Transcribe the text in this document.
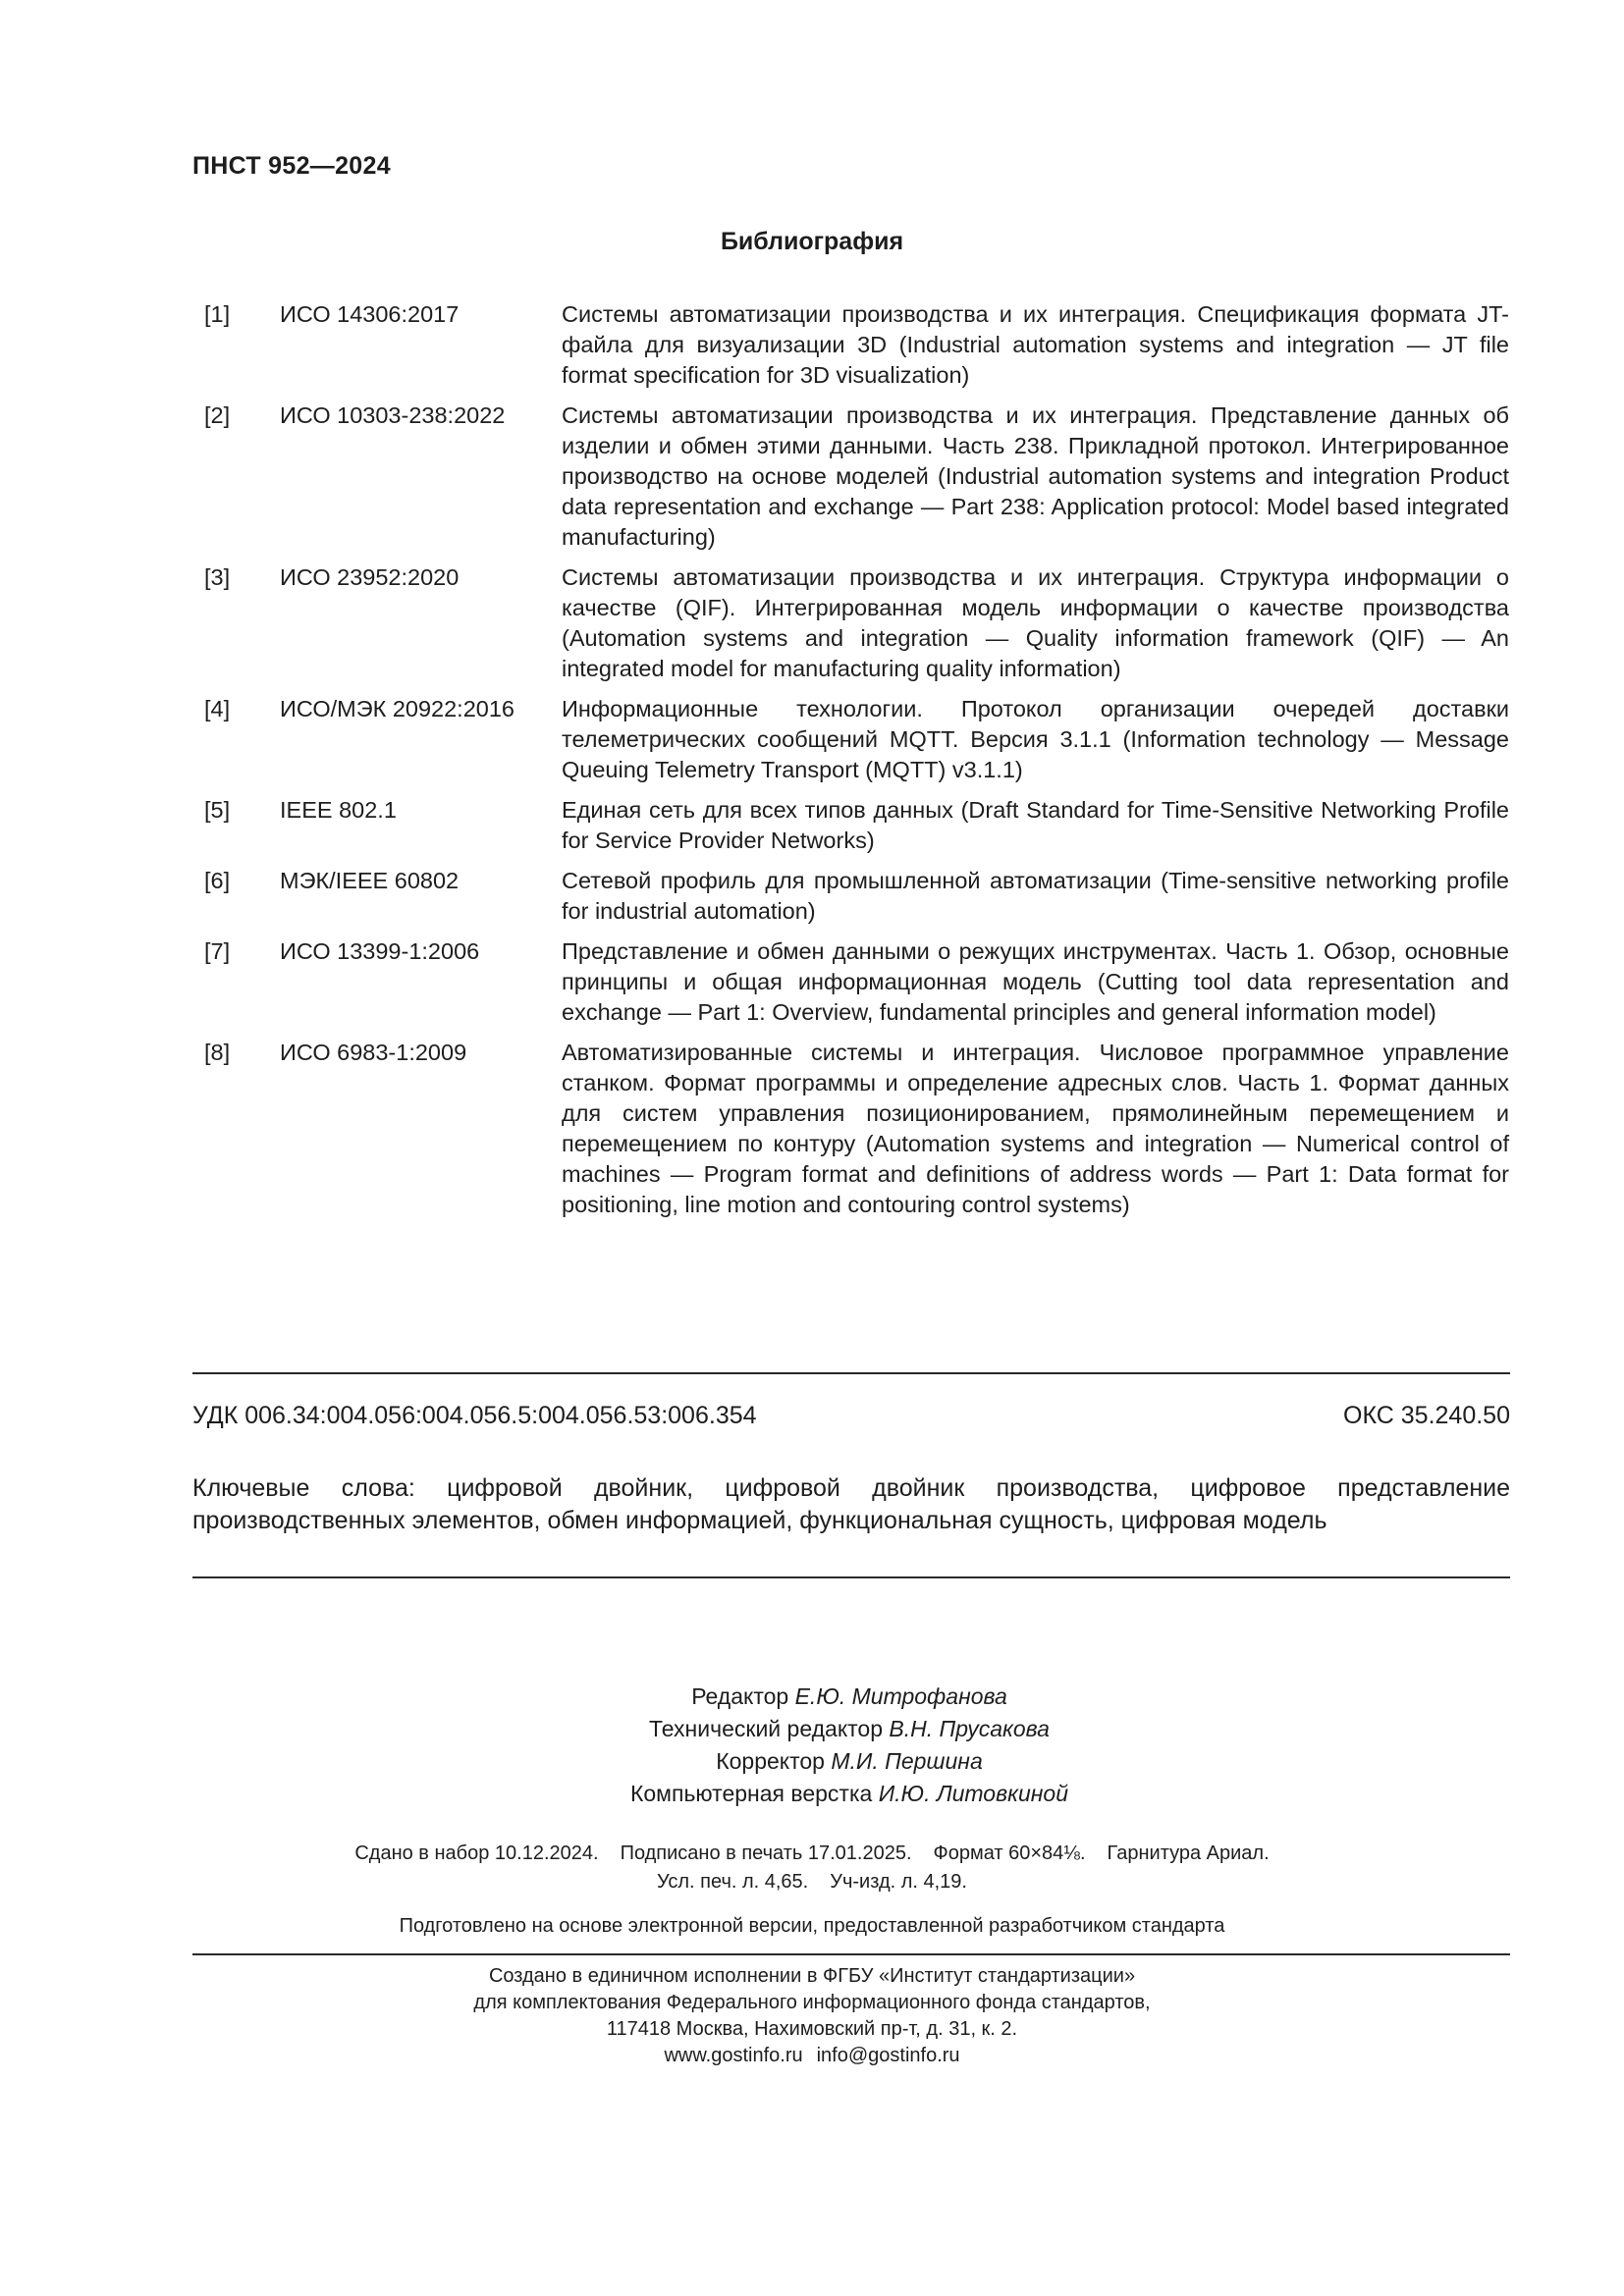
ПНСТ 952—2024
Библиография
[1]	ИСО 14306:2017	Системы автоматизации производства и их интеграция. Спецификация формата JT-файла для визуализации 3D (Industrial automation systems and integration — JT file format specification for 3D visualization)
[2]	ИСО 10303-238:2022	Системы автоматизации производства и их интеграция. Представление данных об изделии и обмен этими данными. Часть 238. Прикладной протокол. Интегрированное производство на основе моделей (Industrial automation systems and integration Product data representation and exchange — Part 238: Application protocol: Model based integrated manufacturing)
[3]	ИСО 23952:2020	Системы автоматизации производства и их интеграция. Структура информации о качестве (QIF). Интегрированная модель информации о качестве производства (Automation systems and integration — Quality information framework (QIF) — An integrated model for manufacturing quality information)
[4]	ИСО/МЭК 20922:2016	Информационные технологии. Протокол организации очередей доставки телеметрических сообщений MQTT. Версия 3.1.1 (Information technology — Message Queuing Telemetry Transport (MQTT) v3.1.1)
[5]	IEEE 802.1	Единая сеть для всех типов данных (Draft Standard for Time-Sensitive Networking Profile for Service Provider Networks)
[6]	МЭК/IEEE 60802	Сетевой профиль для промышленной автоматизации (Time-sensitive networking profile for industrial automation)
[7]	ИСО 13399-1:2006	Представление и обмен данными о режущих инструментах. Часть 1. Обзор, основные принципы и общая информационная модель (Cutting tool data representation and exchange — Part 1: Overview, fundamental principles and general information model)
[8]	ИСО 6983-1:2009	Автоматизированные системы и интеграция. Числовое программное управление станком. Формат программы и определение адресных слов. Часть 1. Формат данных для систем управления позиционированием, прямолинейным перемещением и перемещением по контуру (Automation systems and integration — Numerical control of machines — Program format and definitions of address words — Part 1: Data format for positioning, line motion and contouring control systems)
УДК 006.34:004.056:004.056.5:004.056.53:006.354	ОКС 35.240.50
Ключевые слова: цифровой двойник, цифровой двойник производства, цифровое представление производственных элементов, обмен информацией, функциональная сущность, цифровая модель
Редактор Е.Ю. Митрофанова
Технический редактор В.Н. Прусакова
Корректор М.И. Першина
Компьютерная верстка И.Ю. Литовкиной
Сдано в набор 10.12.2024. Подписано в печать 17.01.2025. Формат 60×84⅛. Гарнитура Ариал.
Усл. печ. л. 4,65. Уч-изд. л. 4,19.
Подготовлено на основе электронной версии, предоставленной разработчиком стандарта
Создано в единичном исполнении в ФГБУ «Институт стандартизации»
для комплектования Федерального информационного фонда стандартов,
117418 Москва, Нахимовский пр-т, д. 31, к. 2.
www.gostinfo.ru info@gostinfo.ru
